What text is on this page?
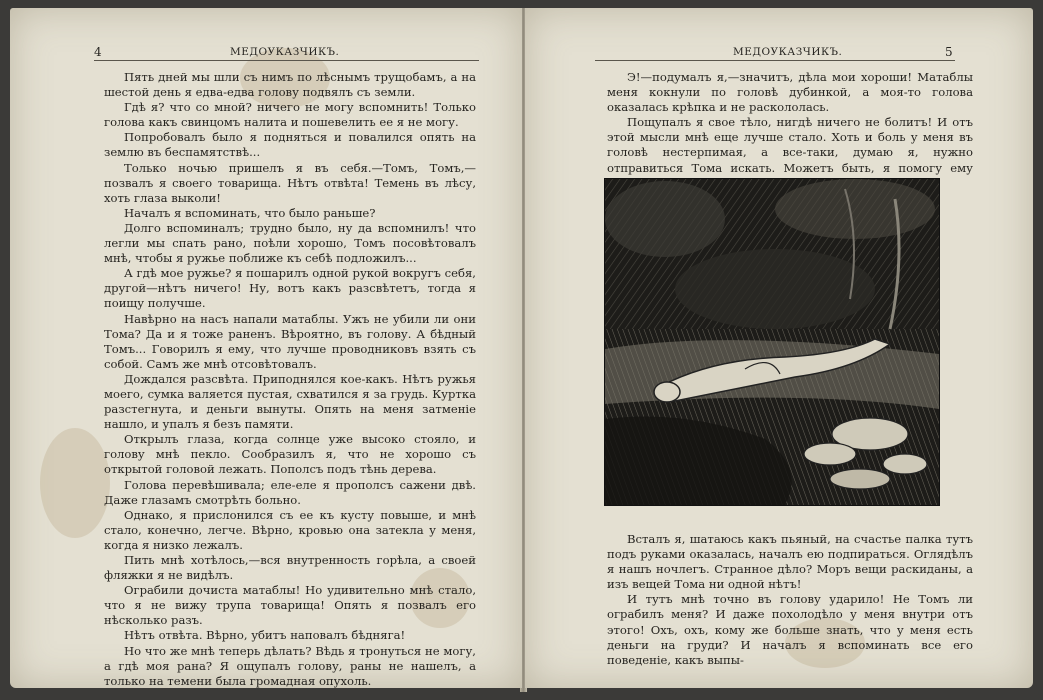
4	МЕДОУКАЗЧИКЪ.

Пять дней мы шли съ нимъ по лѣснымъ трущобамъ, а на шестой день я едва-едва голову подвялъ съ земли.

Гдѣ я? что со мной? ничего не могу вспомнить! Только голова какъ свинцомъ налита и пошевелить ее я не могу.

Попробовалъ было я подняться и повалился опять на землю въ беспамятствѣ...

Только ночью пришелъ я въ себя.—Томъ, Томъ,—позвалъ я своего товарища. Нѣтъ отвѣта! Темень въ лѣсу, хоть глаза выколи!

Началъ я вспоминать, что было раньше?

Долго вспоминалъ; трудно было, ну да вспомнилъ! что легли мы спать рано, поѣли хорошо, Томъ посовѣтовалъ мнѣ, чтобы я ружье поближе къ себѣ подложилъ...

А гдѣ мое ружье? я пошарилъ одной рукой вокругъ себя, другой—нѣтъ ничего! Ну, вотъ какъ разсвѣтетъ, тогда я поищу получше.

Навѣрно на насъ напали матаблы. Ужъ не убили ли они Тома? Да и я тоже раненъ. Вѣроятно, въ голову. А бѣдный Томъ... Говорилъ я ему, что лучше проводниковъ взять съ собой. Самъ же мнѣ отсовѣтовалъ.

Дождался разсвѣта. Приподнялся кое-какъ. Нѣтъ ружья моего, сумка валяется пустая, схватился я за грудь. Куртка разстегнута, и деньги вынуты. Опять на меня затменіе нашло, и упалъ я безъ памяти.

Открылъ глаза, когда солнце уже высоко стояло, и голову мнѣ пекло. Сообразилъ я, что не хорошо съ открытой головой лежать. Пополсъ подъ тѣнь дерева.

Голова перевѣшивала; еле-еле я прополсъ сажени двѣ. Даже глазамъ смотрѣть больно.

Однако, я прислонился съ ее къ кусту повыше, и мнѣ стало, конечно, легче. Вѣрно, кровью она затекла у меня, когда я низко лежалъ.

Пить мнѣ хотѣлось,—вся внутренность горѣла, а своей фляжки я не видѣлъ.

Ограбили дочиста матаблы! Но удивительно мнѣ стало, что я не вижу трупа товарища! Опять я позвалъ его нѣсколько разъ.

Нѣтъ отвѣта. Вѣрно, убитъ наповалъ бѣдняга!

Но что же мнѣ теперь дѣлать? Вѣдь я тронуться не могу, а гдѣ моя рана? Я ощупалъ голову, раны не нашелъ, а только на темени была громадная опухоль.

МЕДОУКАЗЧИКЪ.	5

Э!—подумалъ я,—значитъ, дѣла мои хороши! Матаблы меня кокнули по головѣ дубинкой, а моя-то голова оказалась крѣпка и не раскололась.

Пощупалъ я свое тѣло, нигдѣ ничего не болитъ! И отъ этой мысли мнѣ еще лучше стало. Хоть и боль у меня въ головѣ нестерпимая, а все-таки, думаю я, нужно отправиться Тома искать. Можетъ быть, я помогу ему

Всталъ я, шатаюсь какъ пьяный, на счастье палка тутъ подъ руками оказалась, началъ ею подпираться. Оглядѣлъ я нашъ ночлегъ. Странное дѣло? Моръ вещи раскиданы, а изъ вещей Тома ни одной нѣтъ!

И тутъ мнѣ точно въ голову ударило! Не Томъ ли ограбилъ меня? И даже похолодѣло у меня внутри отъ этого! Охъ, охъ, кому же больше знать, что у меня есть деньги на груди? И началъ я вспоминать все его поведеніе, какъ выпы-
